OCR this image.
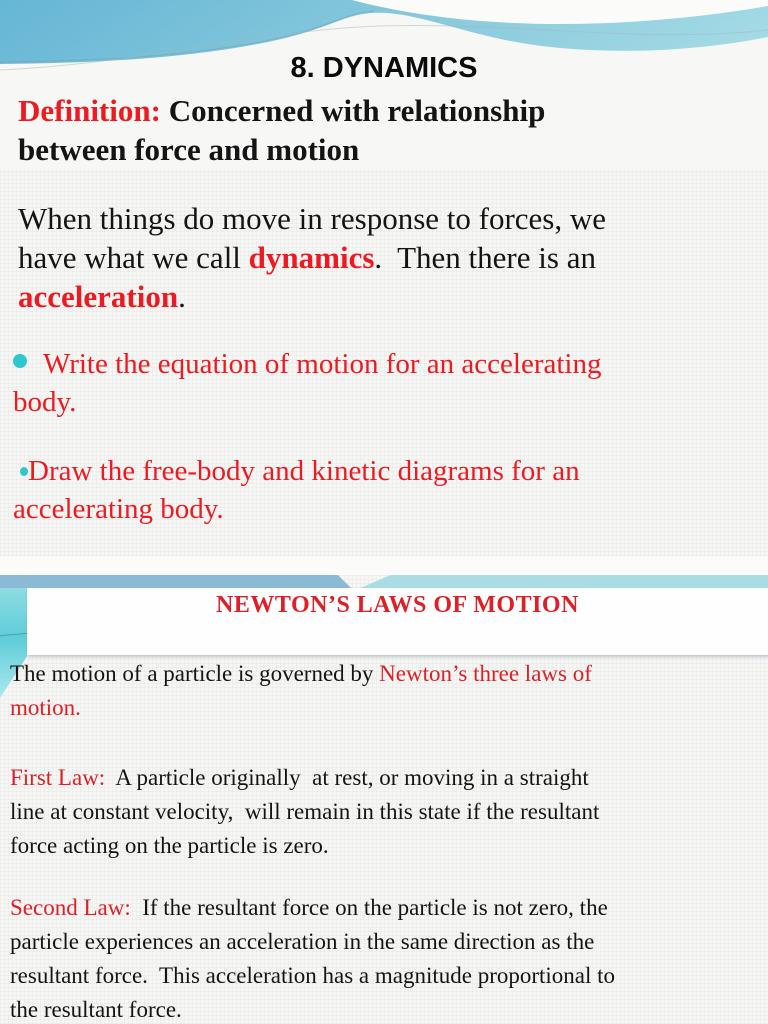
8. DYNAMICS
Definition: Concerned with relationship
between force and motion
When things do move in response to forces, we
have what we call dynamics.  Then there is an
acceleration.
Write the equation of motion for an accelerating
body.
Draw the free-body and kinetic diagrams for an
accelerating body.
NEWTON’S LAWS OF MOTION
The motion of a particle is governed by Newton’s three laws of
motion.
First Law:  A particle originally  at rest, or moving in a straight
line at constant velocity,  will remain in this state if the resultant
force acting on the particle is zero.
Second Law:  If the resultant force on the particle is not zero, the
particle experiences an acceleration in the same direction as the
resultant force.  This acceleration has a magnitude proportional to
the resultant force.
